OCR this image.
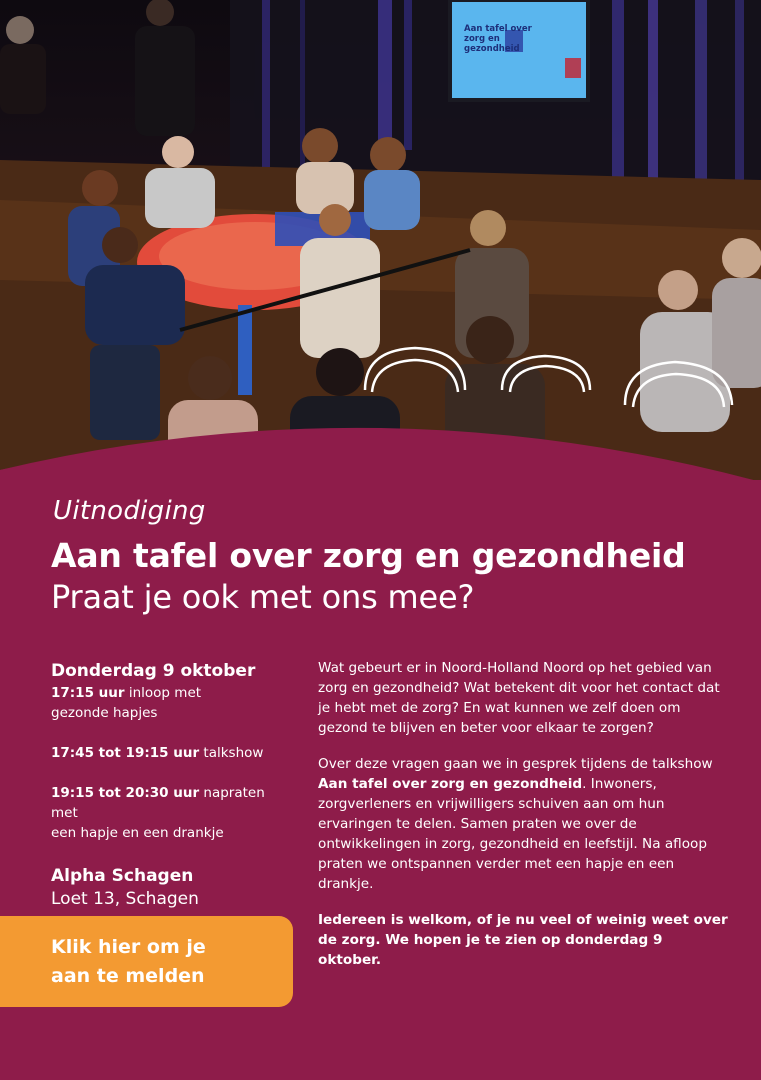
Aan tafel over zorg en gezondheid
Uitnodiging
Aan tafel over zorg en gezondheid
Praat je ook met ons mee?
Donderdag 9 oktober
17:15 uur inloop met
gezonde hapjes
17:45 tot 19:15 uur talkshow
19:15 tot 20:30 uur napraten met
een hapje en een drankje
Alpha Schagen
Loet 13, Schagen

Wat gebeurt er in Noord-Holland Noord op het gebied van zorg en gezondheid? Wat betekent dit voor het contact dat je hebt met de zorg? En wat kunnen we zelf doen om gezond te blijven en beter voor elkaar te zorgen?

Over deze vragen gaan we in gesprek tijdens de talkshow Aan tafel over zorg en gezondheid. Inwoners, zorgverleners en vrijwilligers schuiven aan om hun ervaringen te delen. Samen praten we over de ontwikkelingen in zorg, gezondheid en leefstijl. Na afloop praten we ontspannen verder met een hapje en een drankje.

Iedereen is welkom, of je nu veel of weinig weet over de zorg. We hopen je te zien op donderdag 9 oktober.

Klik hier om je
aan te melden
